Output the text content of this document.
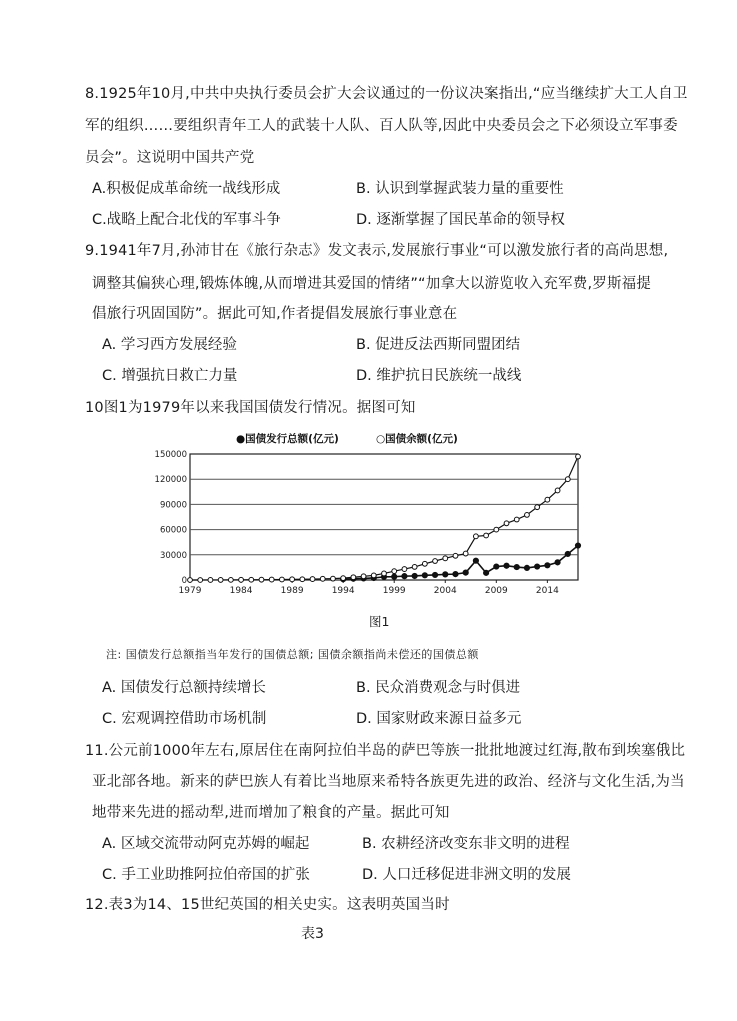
8.1925年10月,中共中央执行委员会扩大会议通过的一份议决案指出,“应当继续扩大工人自卫
军的组织……要组织青年工人的武装十人队、百人队等,因此中央委员会之下必须设立军事委
员会”。这说明中国共产党
A.积极促成革命统一战线形成	B. 认识到掌握武装力量的重要性
C.战略上配合北伐的军事斗争	D. 逐渐掌握了国民革命的领导权
9.1941年7月,孙沛甘在《旅行杂志》发文表示,发展旅行事业“可以激发旅行者的高尚思想,
调整其偏狭心理,锻炼体魄,从而增进其爱国的情绪”“加拿大以游览收入充军费,罗斯福提
倡旅行巩固国防”。据此可知,作者提倡发展旅行事业意在
A. 学习西方发展经验	B. 促进反法西斯同盟团结
C. 增强抗日救亡力量	D. 维护抗日民族统一战线
10图1为1979年以来我国国债发行情况。据图可知
●国债发行总额(亿元)	○国债余额(亿元)
0
30000
60000
90000
120000
150000
1979	1984	1989	1994	1999	2004	2009	2014
图1
注: 国债发行总额指当年发行的国债总额; 国债余额指尚未偿还的国债总额
A. 国债发行总额持续增长	B. 民众消费观念与时俱进
C. 宏观调控借助市场机制	D. 国家财政来源日益多元
11.公元前1000年左右,原居住在南阿拉伯半岛的萨巴等族一批批地渡过红海,散布到埃塞俄比
亚北部各地。新来的萨巴族人有着比当地原来希特各族更先进的政治、经济与文化生活,为当
地带来先进的摇动犁,进而增加了粮食的产量。据此可知
A. 区域交流带动阿克苏姆的崛起	B. 农耕经济改变东非文明的进程
C. 手工业助推阿拉伯帝国的扩张	D. 人口迁移促进非洲文明的发展
12.表3为14、15世纪英国的相关史实。这表明英国当时
表3
